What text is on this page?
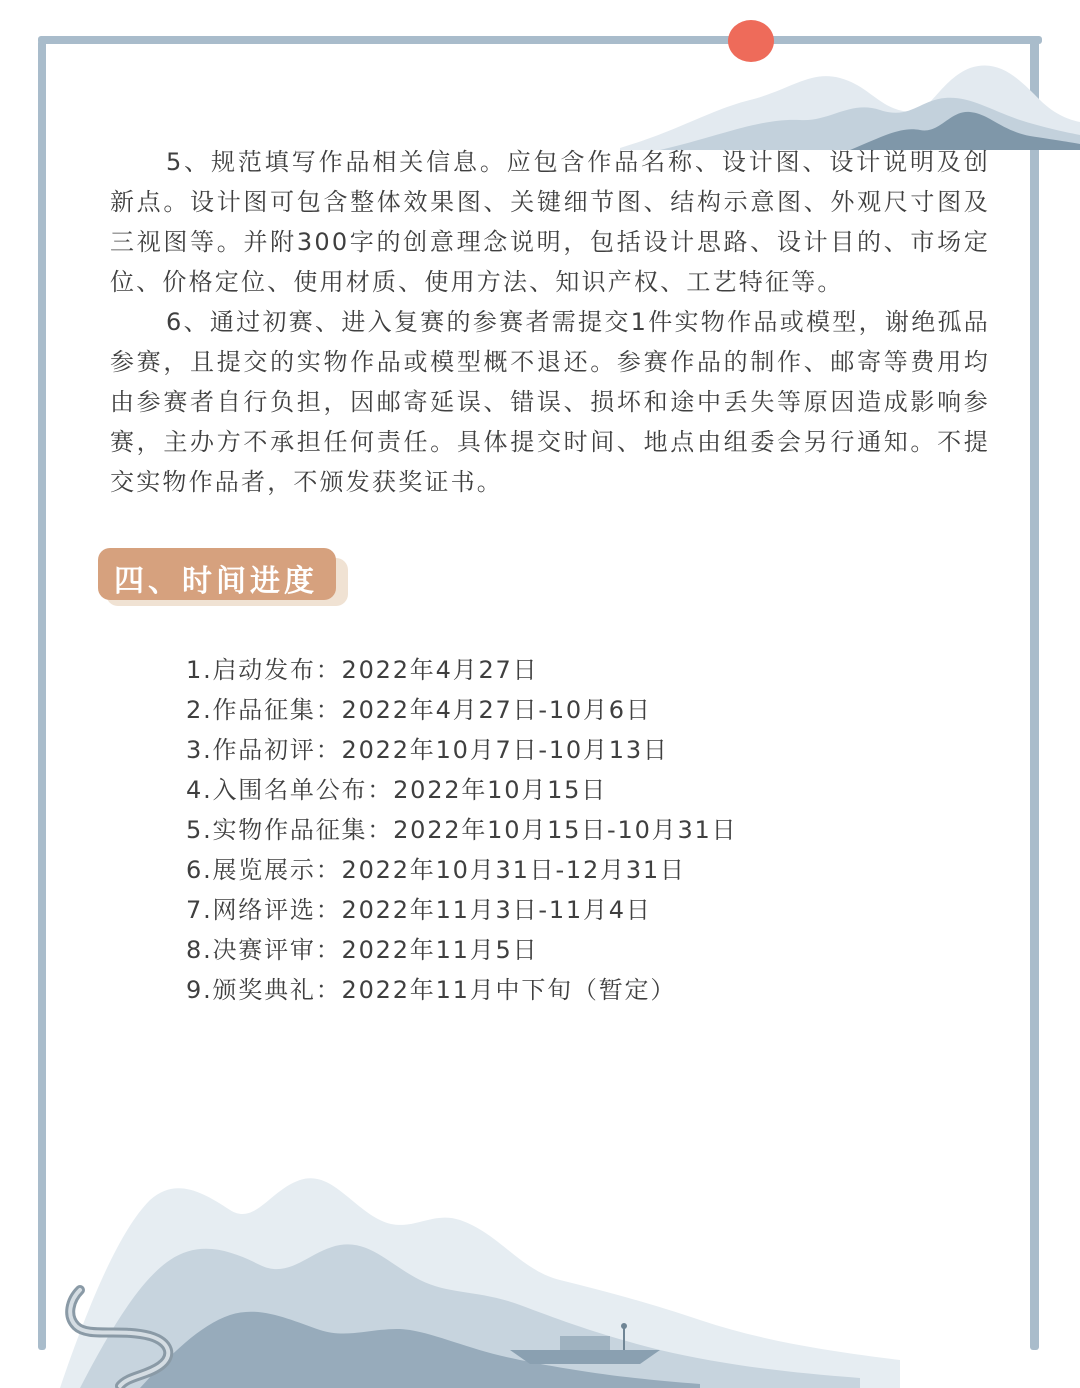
5、规范填写作品相关信息。应包含作品名称、设计图、设计说明及创新点。设计图可包含整体效果图、关键细节图、结构示意图、外观尺寸图及三视图等。并附300字的创意理念说明，包括设计思路、设计目的、市场定位、价格定位、使用材质、使用方法、知识产权、工艺特征等。

6、通过初赛、进入复赛的参赛者需提交1件实物作品或模型，谢绝孤品参赛，且提交的实物作品或模型概不退还。参赛作品的制作、邮寄等费用均由参赛者自行负担，因邮寄延误、错误、损坏和途中丢失等原因造成影响参赛，主办方不承担任何责任。具体提交时间、地点由组委会另行通知。不提交实物作品者，不颁发获奖证书。

四、时间进度
1.启动发布：2022年4月27日
2.作品征集：2022年4月27日-10月6日
3.作品初评：2022年10月7日-10月13日
4.入围名单公布：2022年10月15日
5.实物作品征集：2022年10月15日-10月31日
6.展览展示：2022年10月31日-12月31日
7.网络评选：2022年11月3日-11月4日
8.决赛评审：2022年11月5日
9.颁奖典礼：2022年11月中下旬（暂定）
